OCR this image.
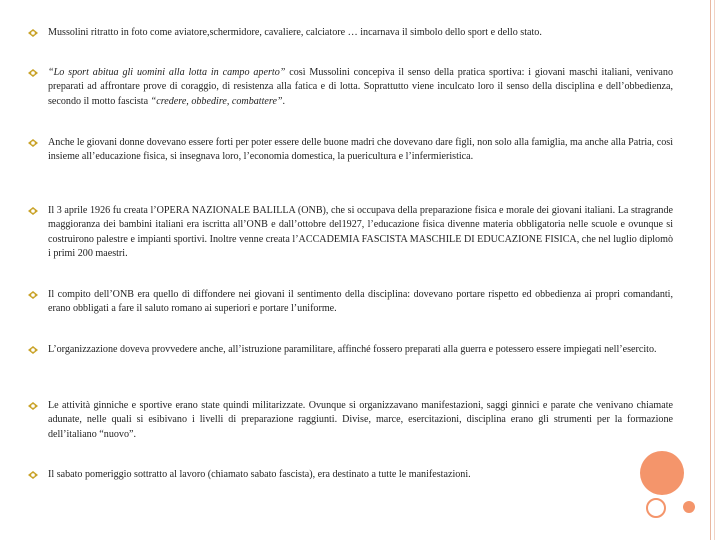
Mussolini ritratto in foto come aviatore,schermidore, cavaliere, calciatore … incarnava il simbolo dello sport e dello stato.
“Lo sport abitua gli uomini alla lotta in campo aperto” così Mussolini concepiva il senso della pratica sportiva: i giovani maschi italiani, venivano preparati ad affrontare prove di coraggio, di resistenza alla fatica e di lotta. Soprattutto viene inculcato loro il senso della disciplina e dell’obbedienza, secondo il motto fascista “credere, obbedire, combattere”.
Anche le giovani donne dovevano essere forti per poter essere delle buone madri che dovevano dare figli, non solo alla famiglia, ma anche alla Patria, così insieme all’educazione fisica, si insegnava loro, l’economia domestica, la puericultura e l’infermieristica.
Il 3 aprile 1926 fu creata l’OPERA NAZIONALE BALILLA (ONB), che si occupava della preparazione fisica e morale dei giovani italiani. La stragrande maggioranza dei bambini italiani era iscritta all’ONB e dall’ottobre del1927, l’educazione fisica divenne materia obbligatoria nelle scuole e ovunque si costruirono palestre e impianti sportivi. Inoltre venne creata l’ACCADEMIA FASCISTA MASCHILE DI EDUCAZIONE FISICA, che nel luglio diplomò i primi 200 maestri.
Il compito dell’ONB era quello di diffondere nei giovani il sentimento della disciplina: dovevano portare rispetto ed obbedienza ai propri comandanti, erano obbligati a fare il saluto romano ai superiori e portare l’uniforme.
L’organizzazione doveva provvedere anche, all’istruzione paramilitare, affinché fossero preparati alla guerra e potessero essere impiegati nell’esercito.
Le attività ginniche e sportive erano state quindi militarizzate. Ovunque si organizzavano manifestazioni, saggi ginnici e parate che venivano chiamate adunate, nelle quali si esibivano i livelli di preparazione raggiunti. Divise, marce, esercitazioni, disciplina erano gli strumenti per la formazione dell’italiano “nuovo”.
Il sabato pomeriggio sottratto al lavoro (chiamato sabato fascista), era destinato a tutte le manifestazioni.
